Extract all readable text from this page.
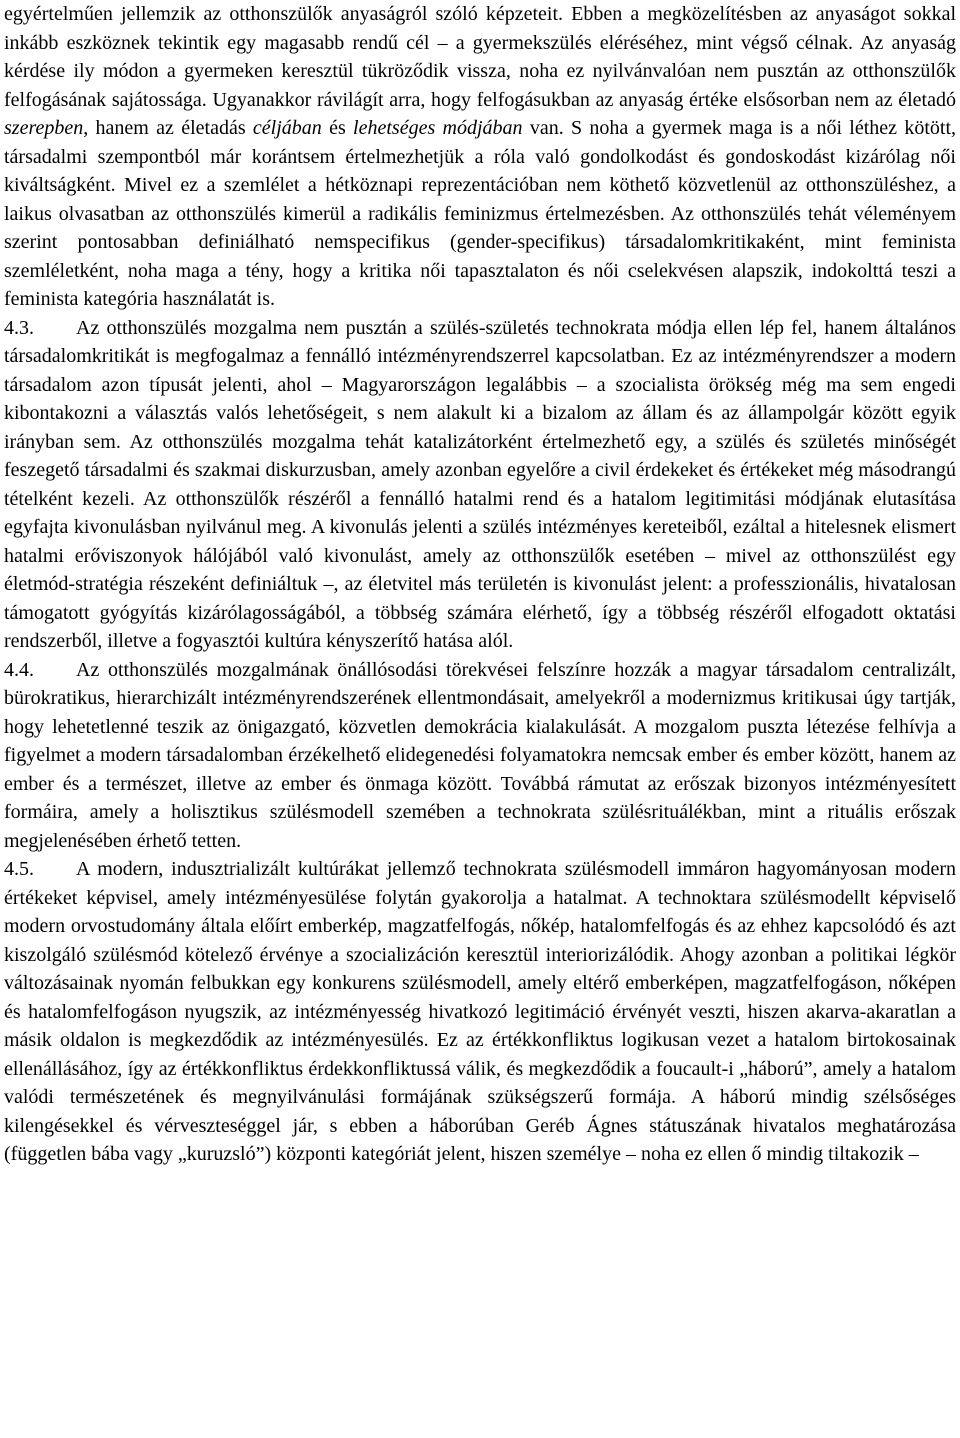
egyértelműen jellemzik az otthonszülők anyaságról szóló képzeteit. Ebben a megközelítésben az anyaságot sokkal inkább eszköznek tekintik egy magasabb rendű cél – a gyermekszülés eléréséhez, mint végső célnak. Az anyaság kérdése ily módon a gyermeken keresztül tükröződik vissza, noha ez nyilvánvalóan nem pusztán az otthonszülők felfogásának sajátossága. Ugyanakkor rávilágít arra, hogy felfogásukban az anyaság értéke elsősorban nem az életadó szerepben, hanem az életadás céljában és lehetséges módjában van. S noha a gyermek maga is a női léthez kötött, társadalmi szempontból már korántsem értelmezhetjük a róla való gondolkodást és gondoskodást kizárólag női kiváltságként. Mivel ez a szemlélet a hétköznapi reprezentációban nem köthető közvetlenül az otthonszüléshez, a laikus olvasatban az otthonszülés kimerül a radikális feminizmus értelmezésben. Az otthonszülés tehát véleményem szerint pontosabban definiálható nemspecifikus (gender-specifikus) társadalomkritikaként, mint feminista szemléletként, noha maga a tény, hogy a kritika női tapasztalaton és női cselekvésen alapszik, indokolttá teszi a feminista kategória használatát is.

4.3. Az otthonszülés mozgalma nem pusztán a szülés-születés technokrata módja ellen lép fel, hanem általános társadalomkritikát is megfogalmaz a fennálló intézményrendszerrel kapcsolatban. Ez az intézményrendszer a modern társadalom azon típusát jelenti, ahol – Magyarországon legalábbis – a szocialista örökség még ma sem engedi kibontakozni a választás valós lehetőségeit, s nem alakult ki a bizalom az állam és az állampolgár között egyik irányban sem. Az otthonszülés mozgalma tehát katalizátorként értelmezhető egy, a szülés és születés minőségét feszegető társadalmi és szakmai diskurzusban, amely azonban egyelőre a civil érdekeket és értékeket még másodrangú tételként kezeli. Az otthonszülők részéről a fennálló hatalmi rend és a hatalom legitimitási módjának elutasítása egyfajta kivonulásban nyilvánul meg. A kivonulás jelenti a szülés intézményes kereteiből, ezáltal a hitelesnek elismert hatalmi erőviszonyok hálójából való kivonulást, amely az otthonszülők esetében – mivel az otthonszülést egy életmód-stratégia részeként definiáltuk –, az életvitel más területén is kivonulást jelent: a professzionális, hivatalosan támogatott gyógyítás kizárólagosságából, a többség számára elérhető, így a többség részéről elfogadott oktatási rendszerből, illetve a fogyasztói kultúra kényszerítő hatása alól.

4.4. Az otthonszülés mozgalmának önállósodási törekvései felszínre hozzák a magyar társadalom centralizált, bürokratikus, hierarchizált intézményrendszerének ellentmondásait, amelyekről a modernizmus kritikusai úgy tartják, hogy lehetetlenné teszik az önigazgató, közvetlen demokrácia kialakulását. A mozgalom puszta létezése felhívja a figyelmet a modern társadalomban érzékelhető elidegenedési folyamatokra nemcsak ember és ember között, hanem az ember és a természet, illetve az ember és önmaga között. Továbbá rámutat az erőszak bizonyos intézményesített formáira, amely a holisztikus szülésmodell szemében a technokrata szülésrituálékban, mint a rituális erőszak megjelenésében érhető tetten.

4.5. A modern, indusztrializált kultúrákat jellemző technokrata szülésmodell immáron hagyományosan modern értékeket képvisel, amely intézményesülése folytán gyakorolja a hatalmat. A technoktara szülésmodellt képviselő modern orvostudomány általa előírt emberkép, magzatfelfogás, nőkép, hatalomfelfogás és az ehhez kapcsolódó és azt kiszolgáló szülésmód kötelező érvénye a szocializáción keresztül interiorizálódik. Ahogy azonban a politikai légkör változásainak nyomán felbukkan egy konkurens szülésmodell, amely eltérő emberképen, magzatfelfogáson, nőképen és hatalomfelfogáson nyugszik, az intézményesség hivatkozó legitimáció érvényét veszti, hiszen akarva-akaratlan a másik oldalon is megkezdődik az intézményesülés. Ez az értékkonfliktus logikusan vezet a hatalom birtokosainak ellenállásához, így az értékkonfliktus érdekkonfliktussá válik, és megkezdődik a foucault-i „háború”, amely a hatalom valódi természetének és megnyilvánulási formájának szükségszerű formája. A háború mindig szélsőséges kilengésekkel és vérveszteséggel jár, s ebben a háborúban Geréb Ágnes státuszának hivatalos meghatározása (független bába vagy „kuruzsló”) központi kategóriát jelent, hiszen személye – noha ez ellen ő mindig tiltakozik –
